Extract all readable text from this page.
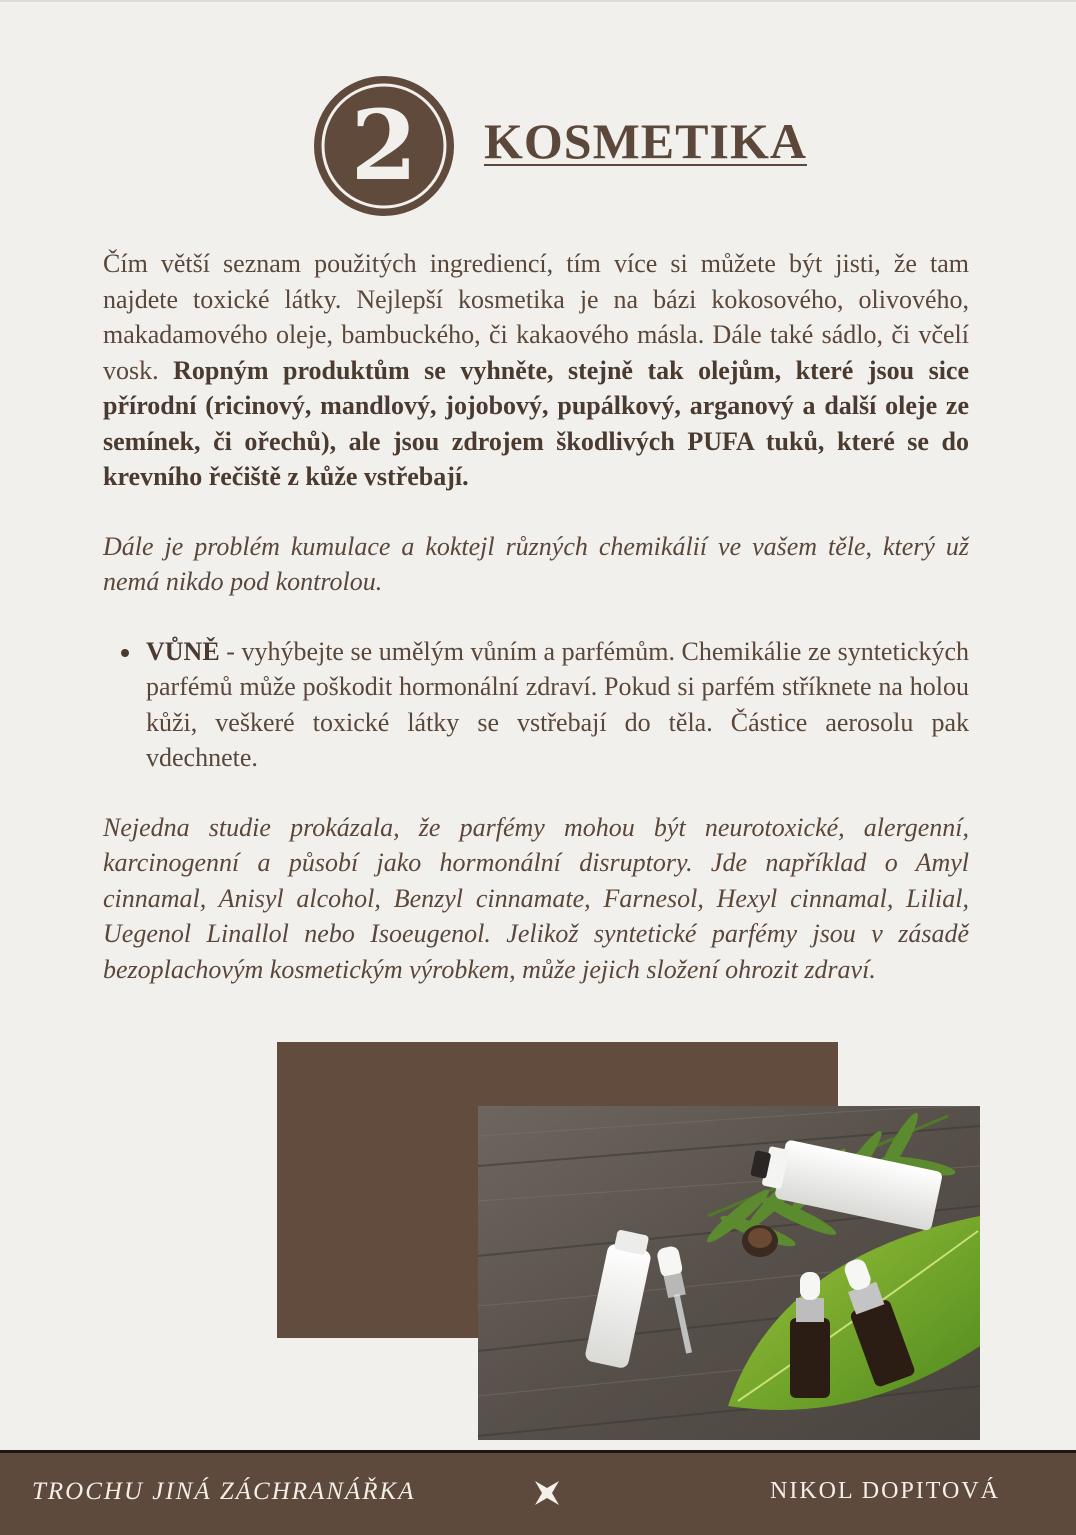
2 KOSMETIKA

Čím větší seznam použitých ingrediencí, tím více si můžete být jisti, že tam najdete toxické látky. Nejlepší kosmetika je na bázi kokosového, olivového, makadamového oleje, bambuckého, či kakaového másla. Dále také sádlo, či včelí vosk. Ropným produktům se vyhněte, stejně tak olejům, které jsou sice přírodní (ricinový, mandlový, jojobový, pupálkový, arganový a další oleje ze semínek, či ořechů), ale jsou zdrojem škodlivých PUFA tuků, které se do krevního řečiště z kůže vstřebají.

Dále je problém kumulace a koktejl různých chemikálií ve vašem těle, který už nemá nikdo pod kontrolou.

VŮNĚ - vyhýbejte se umělým vůním a parfémům. Chemikálie ze syntetických parfémů může poškodit hormonální zdraví. Pokud si parfém stříknete na holou kůži, veškeré toxické látky se vstřebají do těla. Částice aerosolu pak vdechnete.

Nejedna studie prokázala, že parfémy mohou být neurotoxické, alergenní, karcinogenní a působí jako hormonální disruptory. Jde například o Amyl cinnamal, Anisyl alcohol, Benzyl cinnamate, Farnesol, Hexyl cinnamal, Lilial, Uegenol Linallol nebo Isoeugenol. Jelikož syntetické parfémy jsou v zásadě bezoplachovým kosmetickým výrobkem, může jejich složení ohrozit zdraví.

TROCHU JINÁ ZÁCHRANÁŘKA	NIKOL DOPITOVÁ
